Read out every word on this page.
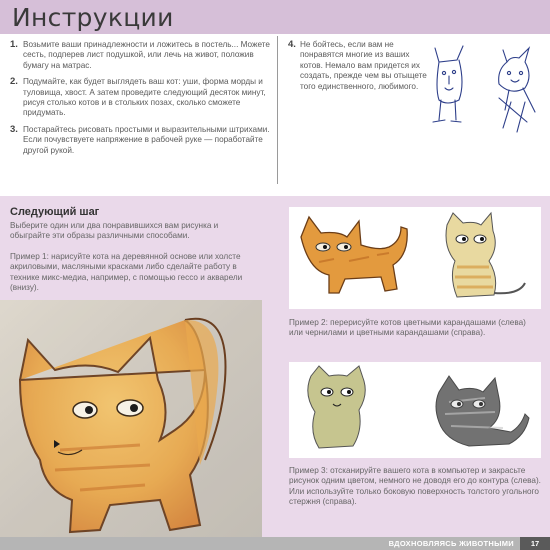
Инструкции
1. Возьмите ваши принадлежности и ложитесь в постель... Можете сесть, подперев лист подушкой, или лечь на живот, положив бумагу на матрас.
2. Подумайте, как будет выглядеть ваш кот: уши, форма морды и туловища, хвост. А затем проведите следующий десяток минут, рисуя столько котов и в стольких позах, сколько сможете придумать.
3. Постарайтесь рисовать простыми и выразительными штрихами. Если почувствуете напряжение в рабочей руке — поработайте другой рукой.
4. Не бойтесь, если вам не понравятся многие из ваших котов. Немало вам придется их создать, прежде чем вы отыщете того единственного, любимого.
Следующий шаг
Выберите один или два понравившихся вам рисунка и обыграйте эти образы различными способами.
Пример 1: нарисуйте кота на деревянной основе или холсте акриловыми, масляными красками либо сделайте работу в технике микс-медиа, например, с помощью гессо и акварели (внизу).
Пример 2: перерисуйте котов цветными карандашами (слева) или чернилами и цветными карандашами (справа).
Пример 3: отсканируйте вашего кота в компьютер и закрасьте рисунок одним цветом, немного не доводя его до контура (слева). Или используйте только боковую поверхность толстого угольного стержня (справа).
ВДОХНОВЛЯЯСЬ ЖИВОТНЫМИ	17
